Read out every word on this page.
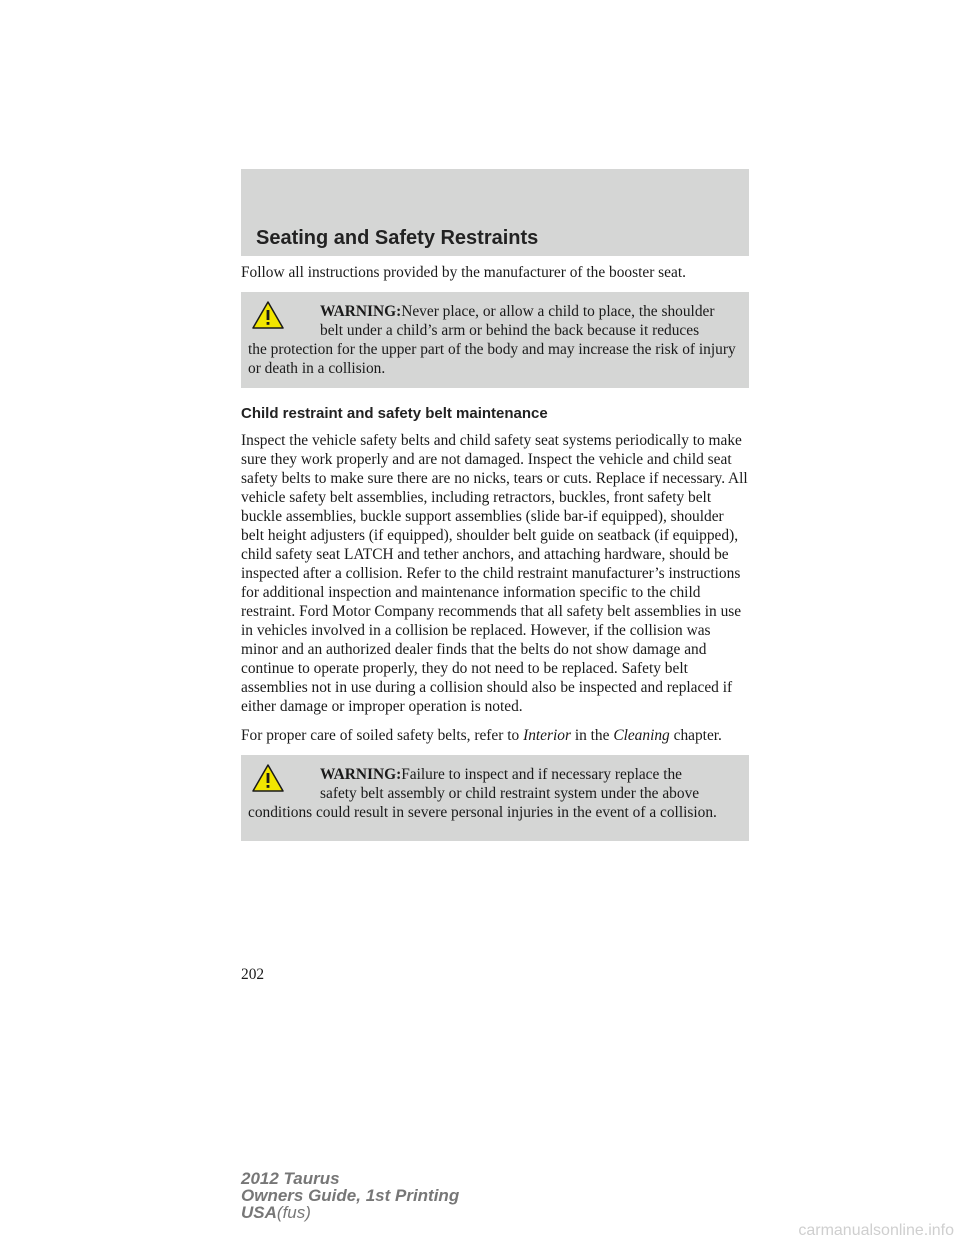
Seating and Safety Restraints

Follow all instructions provided by the manufacturer of the booster seat.

WARNING:Never place, or allow a child to place, the shoulder
belt under a child’s arm or behind the back because it reduces
the protection for the upper part of the body and may increase the risk of injury or death in a collision.

Child restraint and safety belt maintenance

Inspect the vehicle safety belts and child safety seat systems periodically to make sure they work properly and are not damaged. Inspect the vehicle and child seat safety belts to make sure there are no nicks, tears or cuts. Replace if necessary. All vehicle safety belt assemblies, including retractors, buckles, front safety belt buckle assemblies, buckle support assemblies (slide bar-if equipped), shoulder belt height adjusters (if equipped), shoulder belt guide on seatback (if equipped), child safety seat LATCH and tether anchors, and attaching hardware, should be inspected after a collision. Refer to the child restraint manufacturer’s instructions for additional inspection and maintenance information specific to the child restraint. Ford Motor Company recommends that all safety belt assemblies in use in vehicles involved in a collision be replaced. However, if the collision was minor and an authorized dealer finds that the belts do not show damage and continue to operate properly, they do not need to be replaced. Safety belt assemblies not in use during a collision should also be inspected and replaced if either damage or improper operation is noted.

For proper care of soiled safety belts, refer to Interior in the Cleaning chapter.

WARNING:Failure to inspect and if necessary replace the
safety belt assembly or child restraint system under the above
conditions could result in severe personal injuries in the event of a collision.

202

2012 Taurus
Owners Guide, 1st Printing
USA(fus)
carmanualsonline.info
